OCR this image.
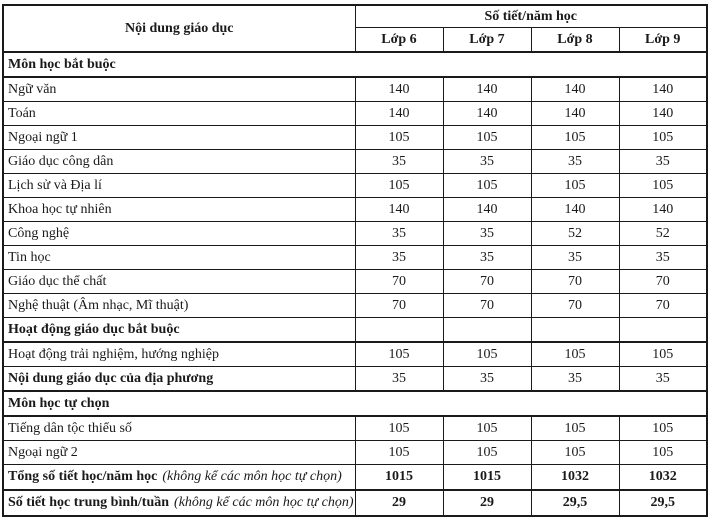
Nội dung giáo dục	Số tiết/năm học			
	Lớp 6	Lớp 7	Lớp 8	Lớp 9
Môn học bắt buộc				
Ngữ văn	140	140	140	140
Toán	140	140	140	140
Ngoại ngữ 1	105	105	105	105
Giáo dục công dân	35	35	35	35
Lịch sử và Địa lí	105	105	105	105
Khoa học tự nhiên	140	140	140	140
Công nghệ	35	35	52	52
Tin học	35	35	35	35
Giáo dục thể chất	70	70	70	70
Nghệ thuật (Âm nhạc, Mĩ thuật)	70	70	70	70
Hoạt động giáo dục bắt buộc				
Hoạt động trải nghiệm, hướng nghiệp	105	105	105	105
Nội dung giáo dục của địa phương	35	35	35	35
Môn học tự chọn				
Tiếng dân tộc thiểu số	105	105	105	105
Ngoại ngữ 2	105	105	105	105
Tổng số tiết học/năm học (không kể các môn học tự chọn)	1015	1015	1032	1032
Số tiết học trung bình/tuần (không kể các môn học tự chọn)	29	29	29,5	29,5
